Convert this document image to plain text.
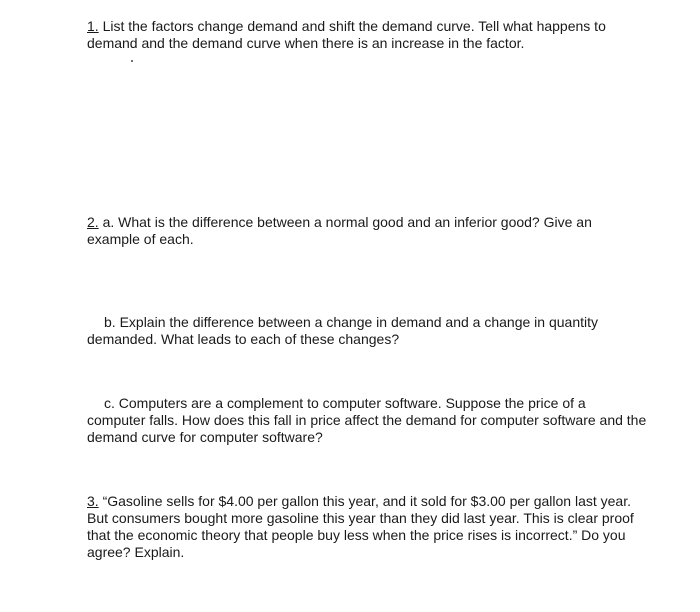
1. List the factors change demand and shift the demand curve. Tell what happens to demand and the demand curve when there is an increase in the factor.

2. a. What is the difference between a normal good and an inferior good? Give an example of each.

b. Explain the difference between a change in demand and a change in quantity demanded. What leads to each of these changes?

c. Computers are a complement to computer software. Suppose the price of a computer falls. How does this fall in price affect the demand for computer software and the demand curve for computer software?

3. “Gasoline sells for $4.00 per gallon this year, and it sold for $3.00 per gallon last year. But consumers bought more gasoline this year than they did last year. This is clear proof that the economic theory that people buy less when the price rises is incorrect.” Do you agree? Explain.
